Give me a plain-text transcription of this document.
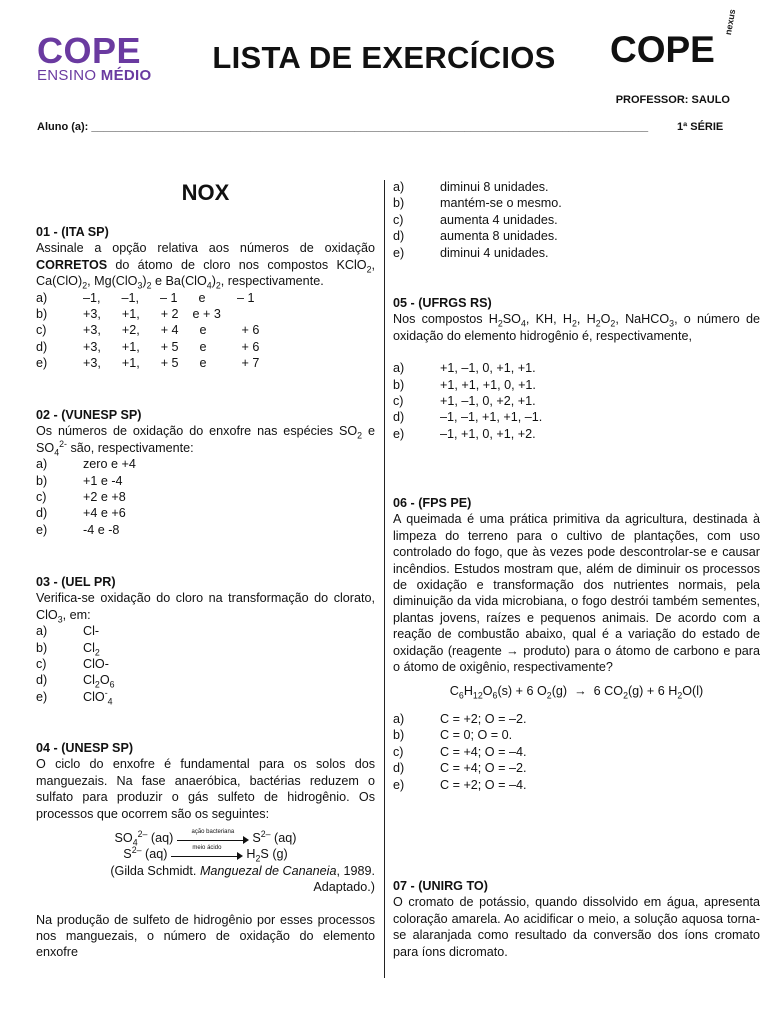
COPE
ENSINO MÉDIO
LISTA DE EXERCÍCIOS	COPE
nexus
PROFESSOR: SAULO
Aluno (a): ___________________________________________________________________________________________	1ª SÉRIE
NOX
01 - (ITA SP)
Assinale a opção relativa aos números de oxidação CORRETOS do átomo de cloro nos compostos KClO$_2$, $Ca(ClO)_2$, $Mg(ClO_3)_2$ e $Ba(ClO_4)_2$, respectivamente.
a)	–1,      –1,      – 1      e         – 1
b)	+3,      +1,      + 2    e + 3
c)	+3,      +2,      + 4      e          + 6
d)	+3,      +1,      + 5      e          + 6
e)	+3,      +1,      + 5      e          + 7
02 - (VUNESP SP)
Os números de oxidação do enxofre nas espécies $SO_2$ e $SO_4^{2-}$ são, respectivamente:
a)	zero e +4
b)	+1 e -4
c)	+2 e +8
d)	+4 e +6
e)	-4 e -8
03 - (UEL PR)
Verifica-se oxidação do cloro na transformação do clorato, ClO$_3$, em:
a)	Cl-
b)	$Cl_2$
c)	ClO-
d)	$Cl_2O_6$
e)	ClO-$_4$
04 - (UNESP SP)
O ciclo do enxofre é fundamental para os solos dos manguezais. Na fase anaeróbica, bactérias reduzem o sulfato para produzir o gás sulfeto de hidrogênio. Os processos que ocorrem são os seguintes:
$SO_4^{2-}$ (aq)	ação bacteriana	$S^{2-}$ (aq)
$S^{2-}$ (aq)	meio ácido	$H_2S$ (g)
(Gilda Schmidt. Manguezal de Cananeia, 1989.
Adaptado.)
Na produção de sulfeto de hidrogênio por esses processos nos manguezais, o número de oxidação do elemento enxofre
a)	diminui 8 unidades.
b)	mantém-se o mesmo.
c)	aumenta 4 unidades.
d)	aumenta 8 unidades.
e)	diminui 4 unidades.
05 - (UFRGS RS)
Nos compostos $H_2SO_4$, KH, $H_2$, $H_2O_2$, NaHCO$_3$, o número de oxidação do elemento hidrogênio é, respectivamente,
a)	+1, –1, 0, +1, +1.
b)	+1, +1, +1, 0, +1.
c)	+1, –1, 0, +2, +1.
d)	–1, –1, +1, +1, –1.
e)	–1, +1, 0, +1, +2.
06 - (FPS PE)
A queimada é uma prática primitiva da agricultura, destinada à limpeza do terreno para o cultivo de plantações, com uso controlado do fogo, que às vezes pode descontrolar-se e causar incêndios. Estudos mostram que, além de diminuir os processos de oxidação e transformação dos nutrientes normais, pela diminuição da vida microbiana, o fogo destrói também sementes, plantas jovens, raízes e pequenos animais. De acordo com a reação de combustão abaixo, qual é a variação do estado de oxidação (reagente → produto) para o átomo de carbono e para o átomo de oxigênio, respectivamente?
$C_6H_{12}O_6(s) + 6$ $O_2(g) \to 6$ $CO_2(g) + 6$ $H_2O(l)$
a)	C = +2; O = –2.
b)	C = 0; O = 0.
c)	C = +4; O = –4.
d)	C = +4; O = –2.
e)	C = +2; O = –4.
07 - (UNIRG TO)
O cromato de potássio, quando dissolvido em água, apresenta coloração amarela. Ao acidificar o meio, a solução aquosa torna-se alaranjada como resultado da conversão dos íons cromato para íons dicromato.
